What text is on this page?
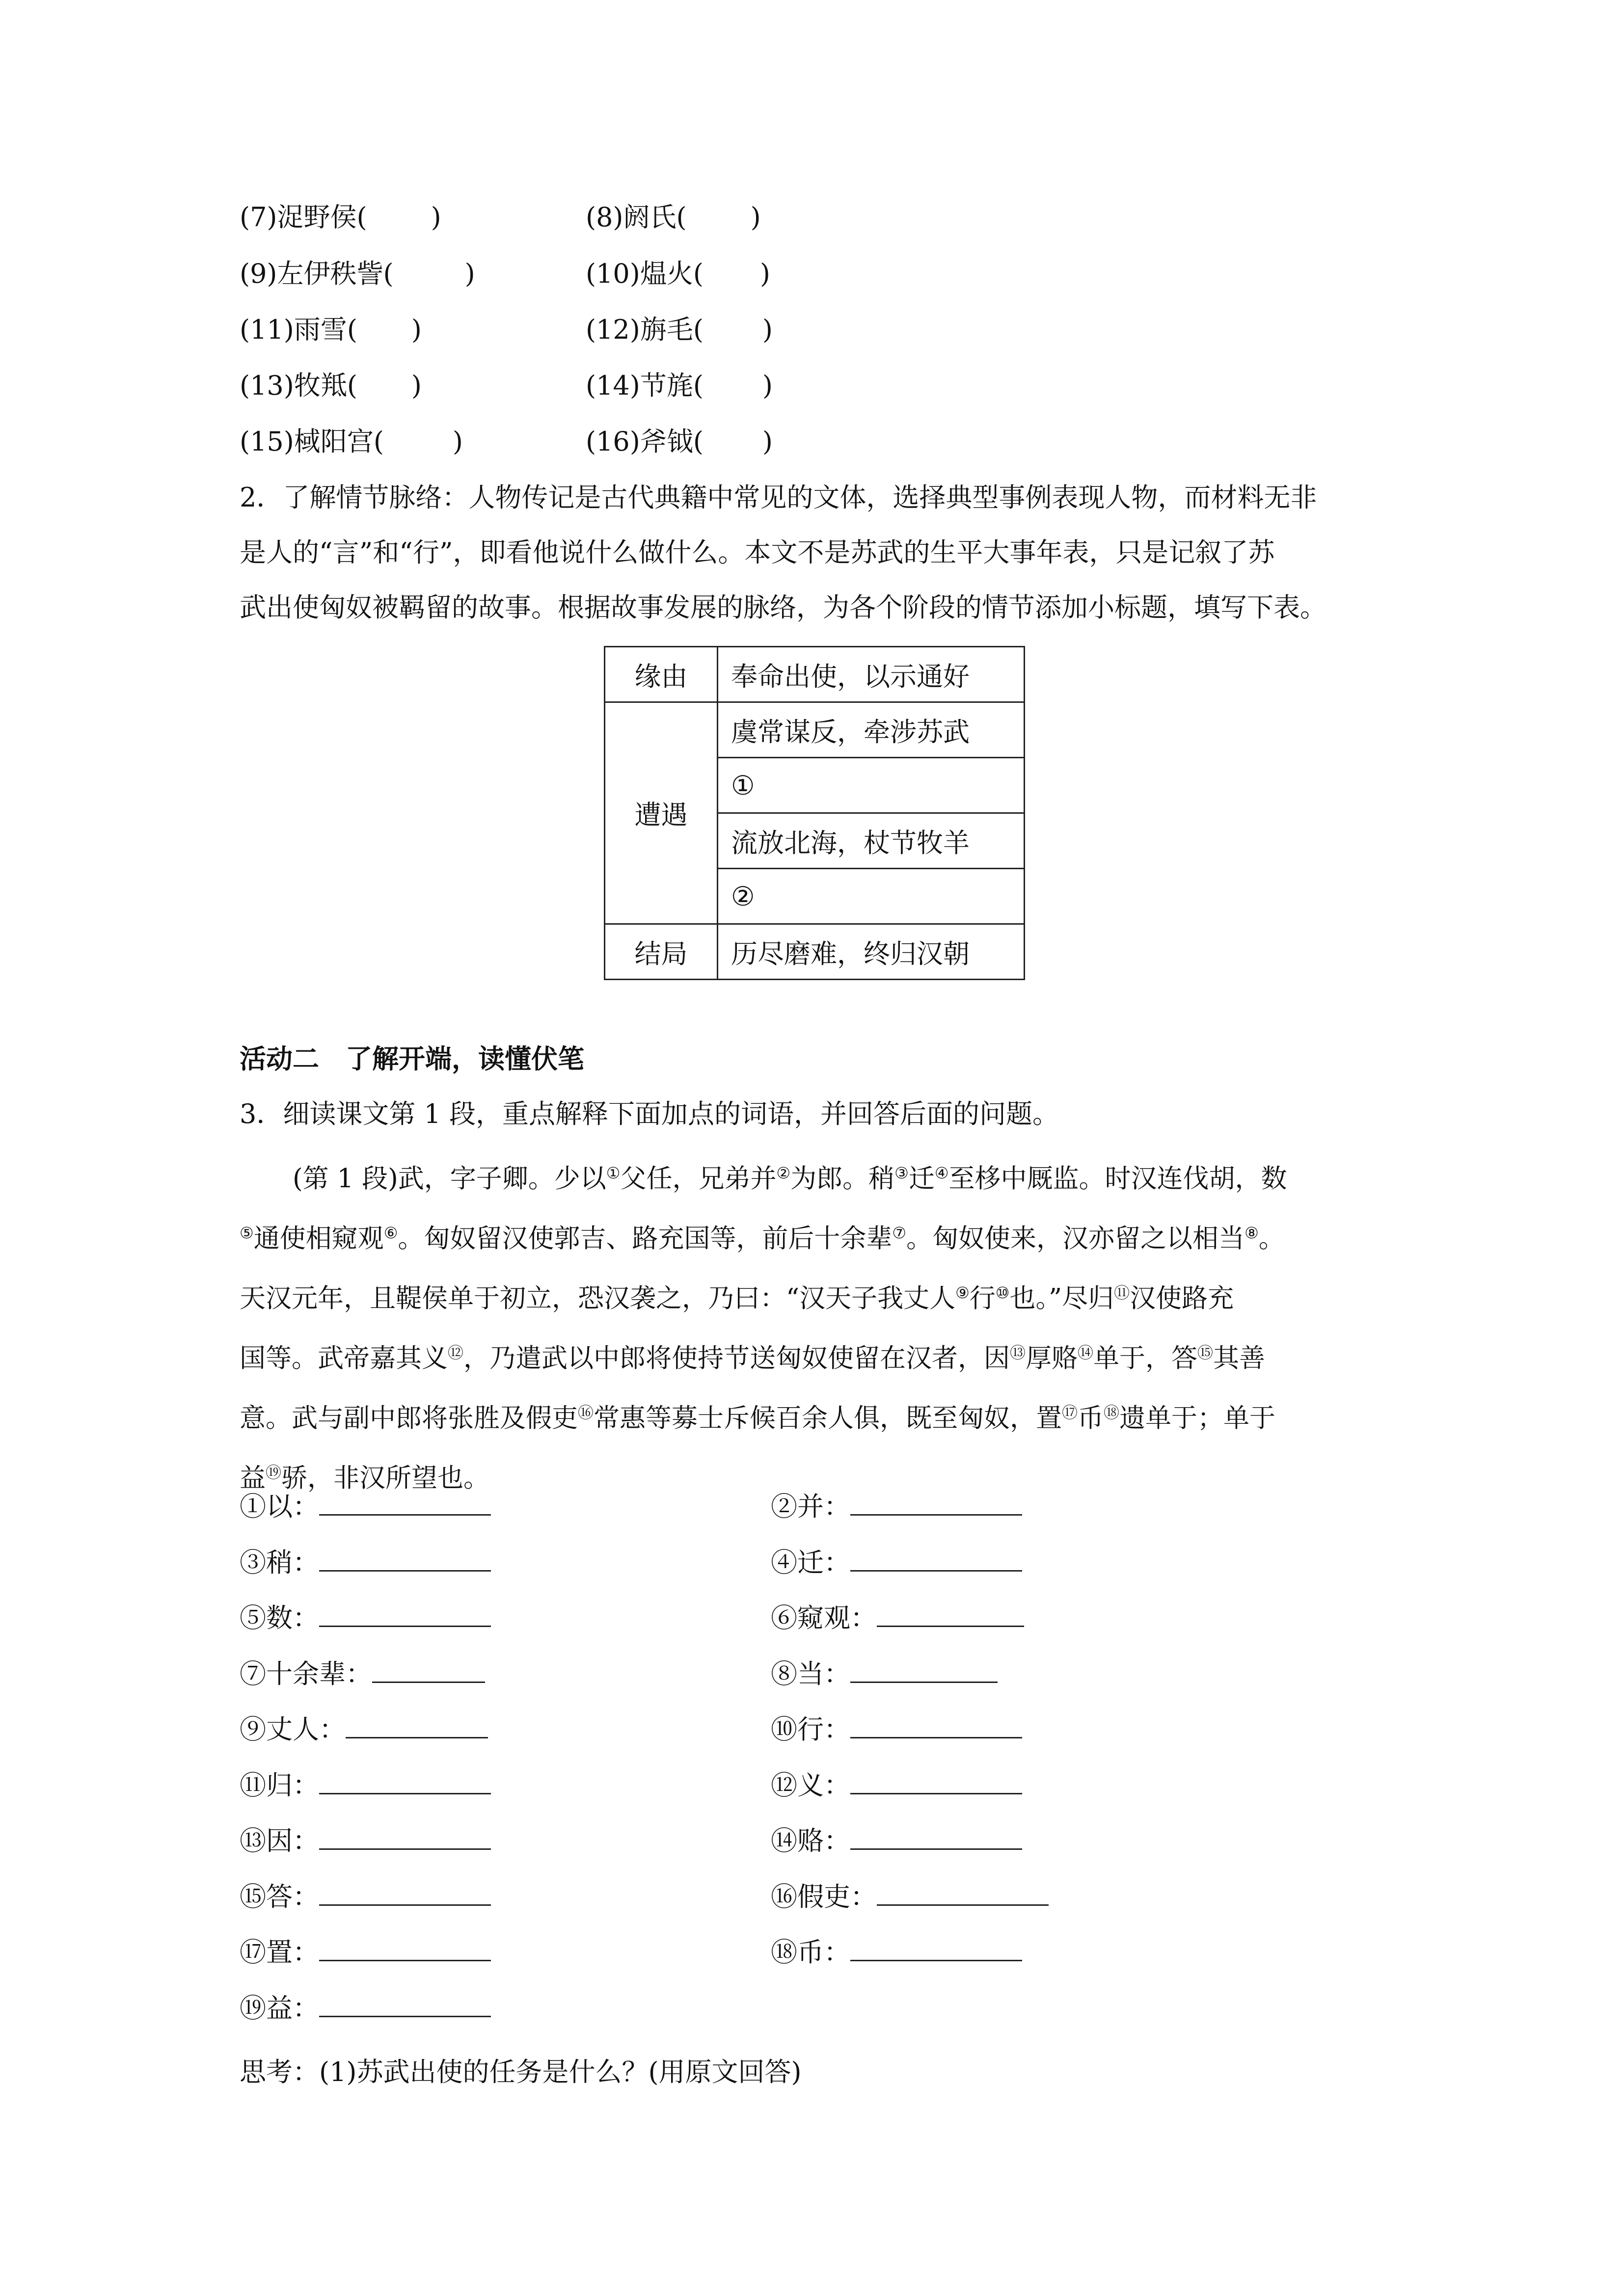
(7)浞野侯( )	(8)阏氏( )
(9)左伊秩訾(	)	(10)煴火( )
(11)雨雪( )	(12)旃毛( )
(13)牧羝( )	(14)节旄( )
(15)棫阳宫(	)	(16)斧钺( )
2．了解情节脉络：人物传记是古代典籍中常见的文体，选择典型事例表现人物，而材料无非
是人的“言”和“行”，即看他说什么做什么。本文不是苏武的生平大事年表，只是记叙了苏
武出使匈奴被羁留的故事。根据故事发展的脉络，为各个阶段的情节添加小标题，填写下表。
缘由	奉命出使，以示通好
遭遇	虞常谋反，牵涉苏武
	①
	流放北海，杖节牧羊
	②
结局	历尽磨难，终归汉朝
活动二　了解开端，读懂伏笔
3．细读课文第 1 段，重点解释下面加点的词语，并回答后面的问题。
(第 1 段)武，字子卿。少以①父任，兄弟并②为郎。稍③迁④至栘中厩监。时汉连伐胡，数
⑤通使相窥观⑥。匈奴留汉使郭吉、路充国等，前后十余辈⑦。匈奴使来，汉亦留之以相当⑧。
天汉元年，且鞮侯单于初立，恐汉袭之，乃曰：“汉天子我丈人⑨行⑩也。”尽归⑪汉使路充
国等。武帝嘉其义⑫，乃遣武以中郎将使持节送匈奴使留在汉者，因⑬厚赂⑭单于，答⑮其善
意。武与副中郎将张胜及假吏⑯常惠等募士斥候百余人俱，既至匈奴，置⑰币⑱遗单于；单于
益⑲骄，非汉所望也。
①以：	②并：
③稍：	④迁：
⑤数：	⑥窥观：
⑦十余辈：	⑧当：
⑨丈人：	⑩行：
⑪归：	⑫义：
⑬因：	⑭赂：
⑮答：	⑯假吏：
⑰置：	⑱币：
⑲益：
思考：(1)苏武出使的任务是什么？(用原文回答)
